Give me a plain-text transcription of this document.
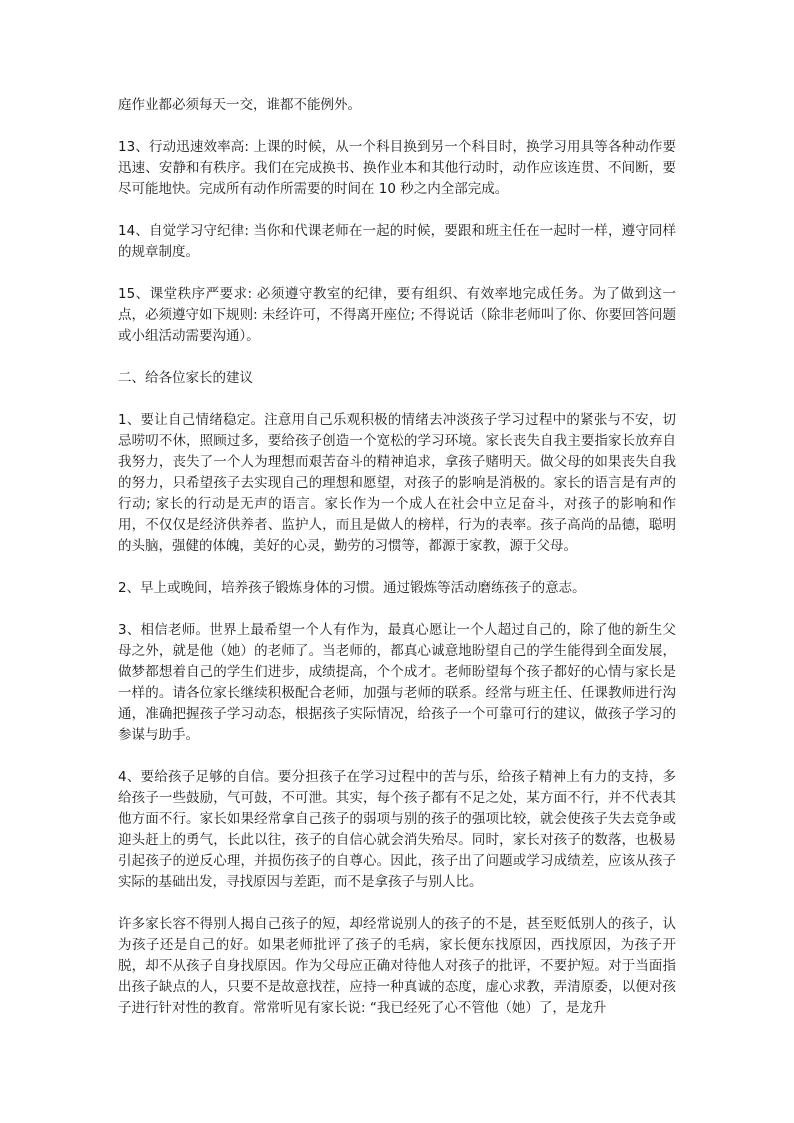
庭作业都必须每天一交，谁都不能例外。

13、行动迅速效率高: 上课的时候，从一个科目换到另一个科目时，换学习用具等各种动作要迅速、安静和有秩序。我们在完成换书、换作业本和其他行动时，动作应该连贯、不间断，要尽可能地快。完成所有动作所需要的时间在 10 秒之内全部完成。

14、自觉学习守纪律: 当你和代课老师在一起的时候，要跟和班主任在一起时一样，遵守同样的规章制度。

15、课堂秩序严要求: 必须遵守教室的纪律，要有组织、有效率地完成任务。为了做到这一点，必须遵守如下规则: 未经许可，不得离开座位; 不得说话（除非老师叫了你、你要回答问题或小组活动需要沟通）。

二、给各位家长的建议

1、要让自己情绪稳定。注意用自己乐观积极的情绪去冲淡孩子学习过程中的紧张与不安，切忌唠叨不休，照顾过多，要给孩子创造一个宽松的学习环境。家长丧失自我主要指家长放弃自我努力，丧失了一个人为理想而艰苦奋斗的精神追求，拿孩子赌明天。做父母的如果丧失自我的努力，只希望孩子去实现自己的理想和愿望，对孩子的影响是消极的。家长的语言是有声的行动; 家长的行动是无声的语言。家长作为一个成人在社会中立足奋斗，对孩子的影响和作用，不仅仅是经济供养者、监护人，而且是做人的榜样，行为的表率。孩子高尚的品德，聪明的头脑，强健的体魄，美好的心灵，勤劳的习惯等，都源于家教，源于父母。

2、早上或晚间，培养孩子锻炼身体的习惯。通过锻炼等活动磨练孩子的意志。

3、相信老师。世界上最希望一个人有作为，最真心愿让一个人超过自己的，除了他的新生父母之外，就是他（她）的老师了。当老师的，都真心诚意地盼望自己的学生能得到全面发展，做梦都想着自己的学生们进步，成绩提高，个个成才。老师盼望每个孩子都好的心情与家长是一样的。请各位家长继续积极配合老师，加强与老师的联系。经常与班主任、任课教师进行沟通，准确把握孩子学习动态，根据孩子实际情况，给孩子一个可靠可行的建议，做孩子学习的参谋与助手。

4、要给孩子足够的自信。要分担孩子在学习过程中的苦与乐，给孩子精神上有力的支持，多给孩子一些鼓励，气可鼓，不可泄。其实，每个孩子都有不足之处，某方面不行，并不代表其他方面不行。家长如果经常拿自己孩子的弱项与别的孩子的强项比较，就会使孩子失去竞争或迎头赶上的勇气，长此以往，孩子的自信心就会消失殆尽。同时，家长对孩子的数落，也极易引起孩子的逆反心理，并损伤孩子的自尊心。因此，孩子出了问题或学习成绩差，应该从孩子实际的基础出发，寻找原因与差距，而不是拿孩子与别人比。

许多家长容不得别人揭自己孩子的短，却经常说别人的孩子的不是，甚至贬低别人的孩子，认为孩子还是自己的好。如果老师批评了孩子的毛病，家长便东找原因，西找原因，为孩子开脱，却不从孩子自身找原因。作为父母应正确对待他人对孩子的批评，不要护短。对于当面指出孩子缺点的人，只要不是故意找茬，应持一种真诚的态度，虚心求教，弄清原委，以便对孩子进行针对性的教育。常常听见有家长说: “我已经死了心不管他（她）了，是龙升
